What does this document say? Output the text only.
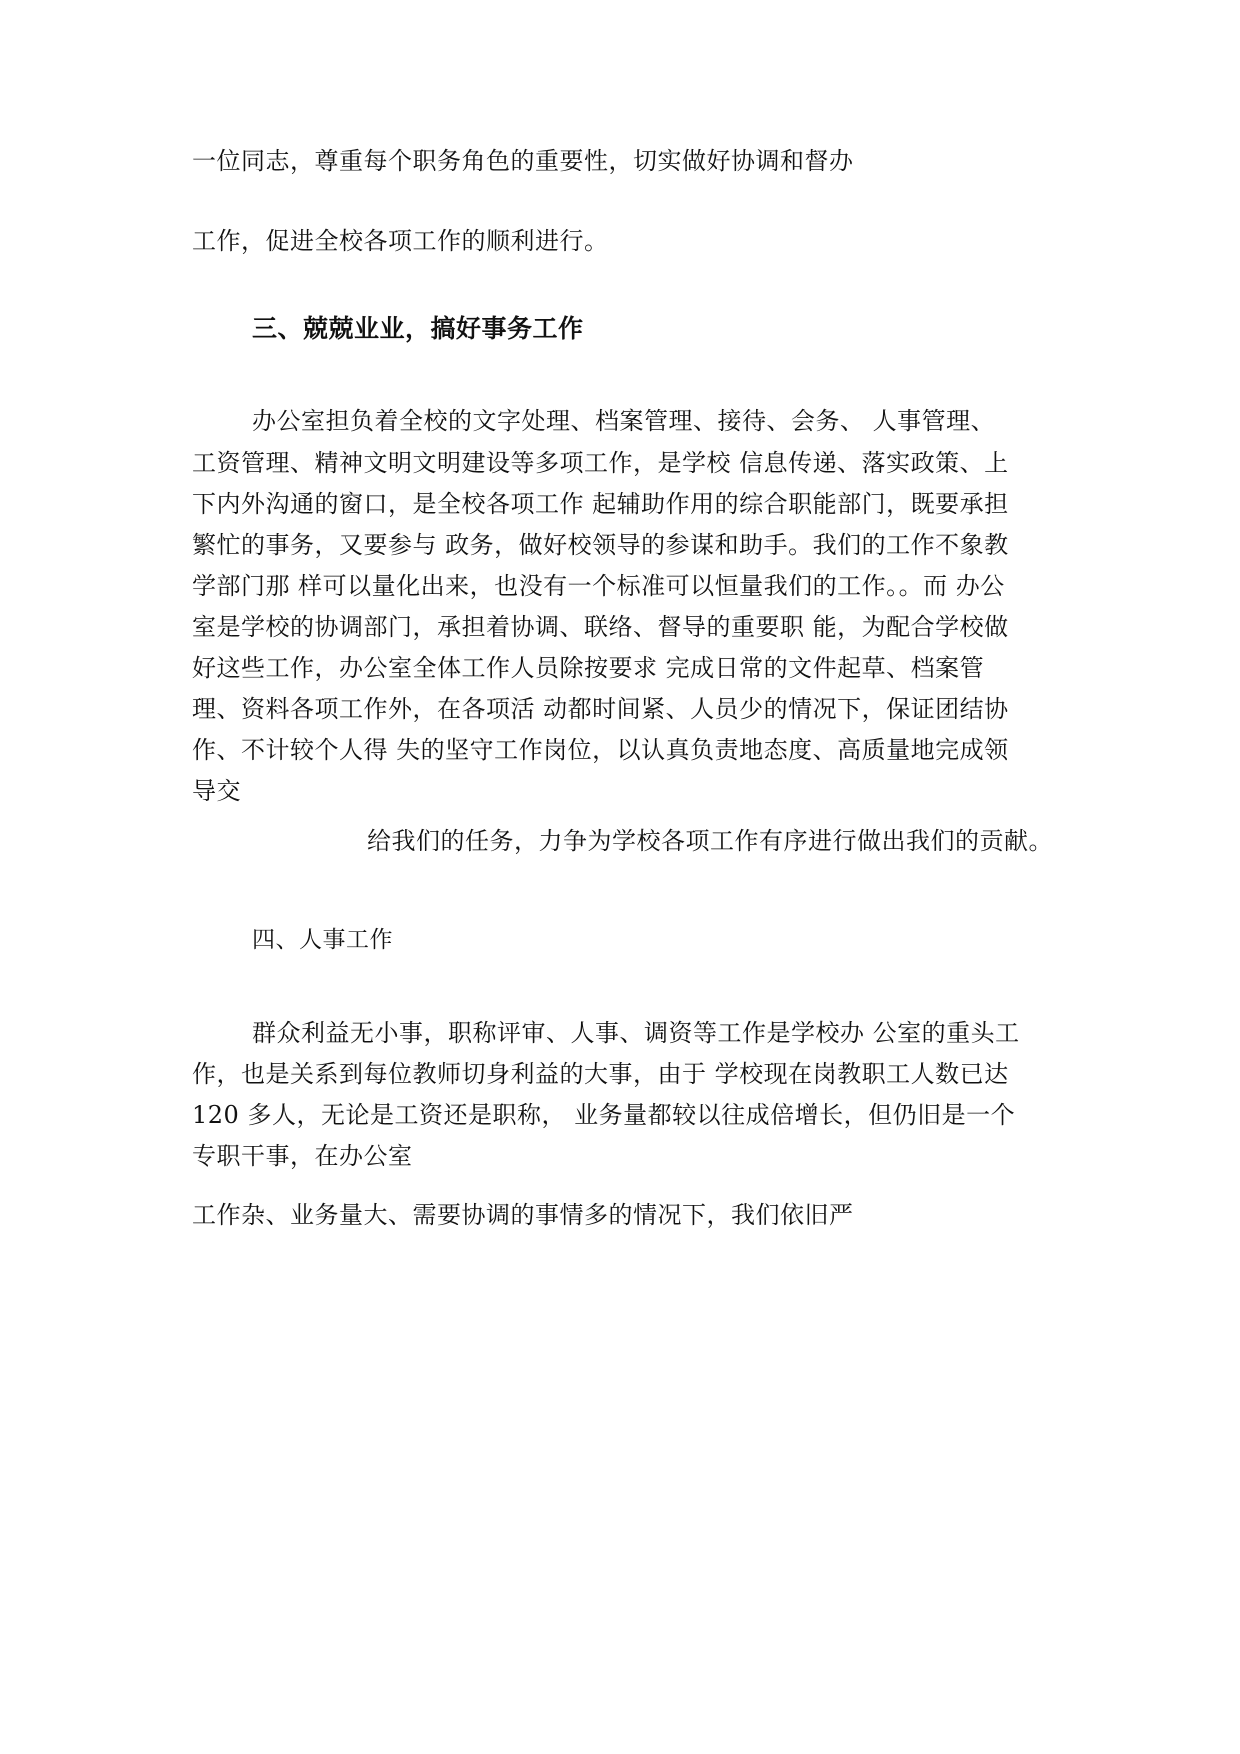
一位同志，尊重每个职务角色的重要性，切实做好协调和督办
工作，促进全校各项工作的顺利进行。
三、兢兢业业，搞好事务工作
办公室担负着全校的文字处理、档案管理、接待、会务、 人事管理、
工资管理、精神文明文明建设等多项工作，是学校 信息传递、落实政策、上
下内外沟通的窗口，是全校各项工作 起辅助作用的综合职能部门，既要承担
繁忙的事务，又要参与 政务，做好校领导的参谋和助手。我们的工作不象教
学部门那 样可以量化出来，也没有一个标准可以恒量我们的工作。。而 办公
室是学校的协调部门，承担着协调、联络、督导的重要职 能，为配合学校做
好这些工作，办公室全体工作人员除按要求 完成日常的文件起草、档案管
理、资料各项工作外，在各项活 动都时间紧、人员少的情况下，保证团结协
作、不计较个人得 失的坚守工作岗位，以认真负责地态度、高质量地完成领
导交
给我们的任务，力争为学校各项工作有序进行做出我们的贡献。
四、人事工作
群众利益无小事，职称评审、人事、调资等工作是学校办 公室的重头工
作，也是关系到每位教师切身利益的大事，由于 学校现在岗教职工人数已达
120 多人，无论是工资还是职称， 业务量都较以往成倍增长，但仍旧是一个
专职干事，在办公室
工作杂、业务量大、需要协调的事情多的情况下，我们依旧严
